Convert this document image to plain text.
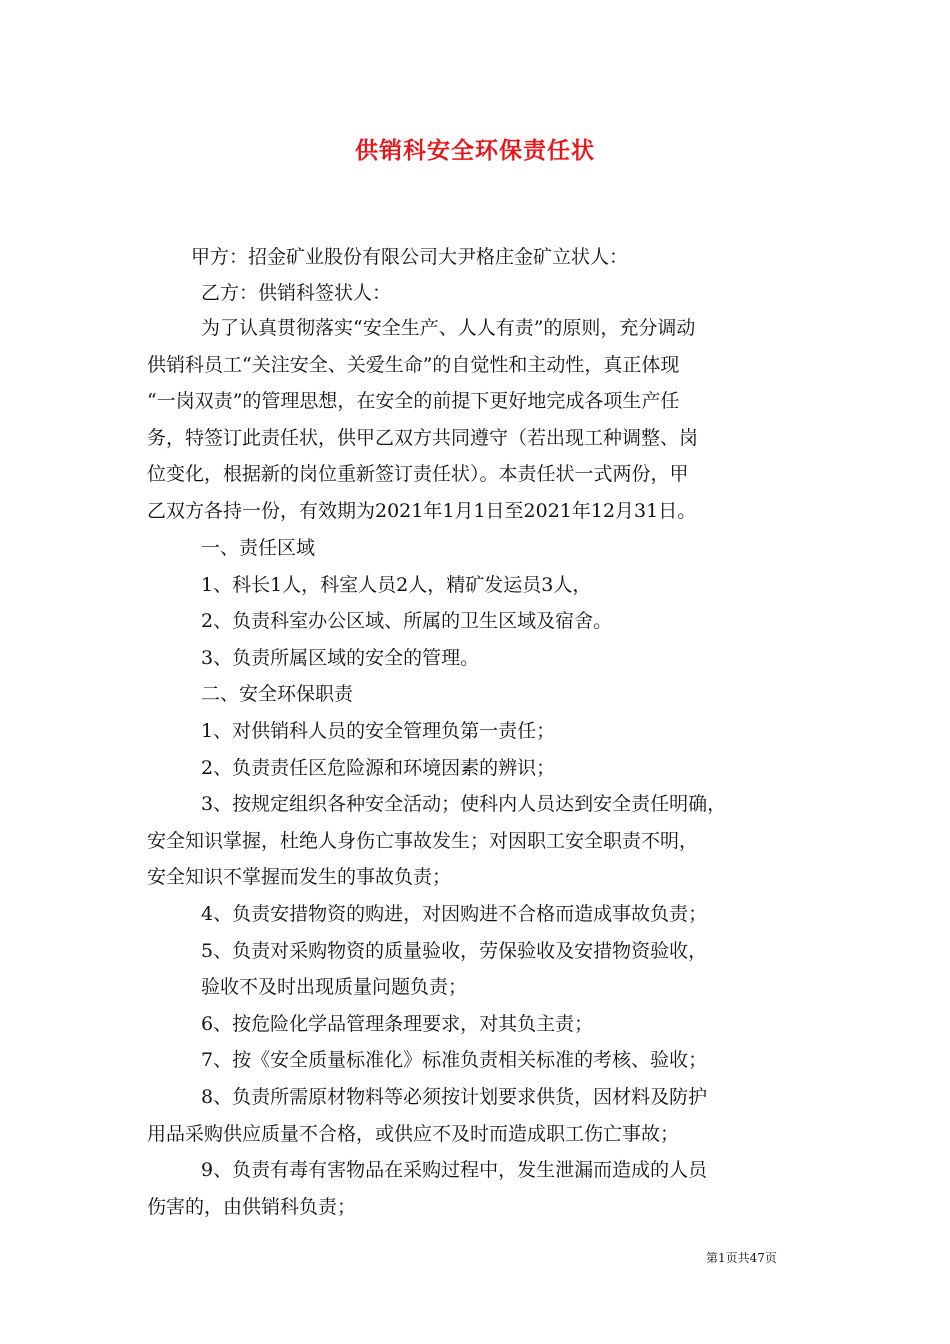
供销科安全环保责任状
甲方：招金矿业股份有限公司大尹格庄金矿立状人：
乙方：供销科签状人：
为了认真贯彻落实“安全生产、人人有责”的原则，充分调动
供销科员工“关注安全、关爱生命”的自觉性和主动性，真正体现
“一岗双责”的管理思想，在安全的前提下更好地完成各项生产任
务，特签订此责任状，供甲乙双方共同遵守（若出现工种调整、岗
位变化，根据新的岗位重新签订责任状）。本责任状一式两份，甲
乙双方各持一份，有效期为2021年1月1日至2021年12月31日。
一、责任区域
1、科长1人，科室人员2人，精矿发运员3人，
2、负责科室办公区域、所属的卫生区域及宿舍。
3、负责所属区域的安全的管理。
二、安全环保职责
1、对供销科人员的安全管理负第一责任；
2、负责责任区危险源和环境因素的辨识；
3、按规定组织各种安全活动；使科内人员达到安全责任明确，
安全知识掌握，杜绝人身伤亡事故发生；对因职工安全职责不明，
安全知识不掌握而发生的事故负责；
4、负责安措物资的购进，对因购进不合格而造成事故负责；
5、负责对采购物资的质量验收，劳保验收及安措物资验收，
验收不及时出现质量问题负责；
6、按危险化学品管理条理要求，对其负主责；
7、按《安全质量标准化》标准负责相关标准的考核、验收；
8、负责所需原材物料等必须按计划要求供货，因材料及防护
用品采购供应质量不合格，或供应不及时而造成职工伤亡事故；
9、负责有毒有害物品在采购过程中，发生泄漏而造成的人员
伤害的，由供销科负责；
第1页共47页
